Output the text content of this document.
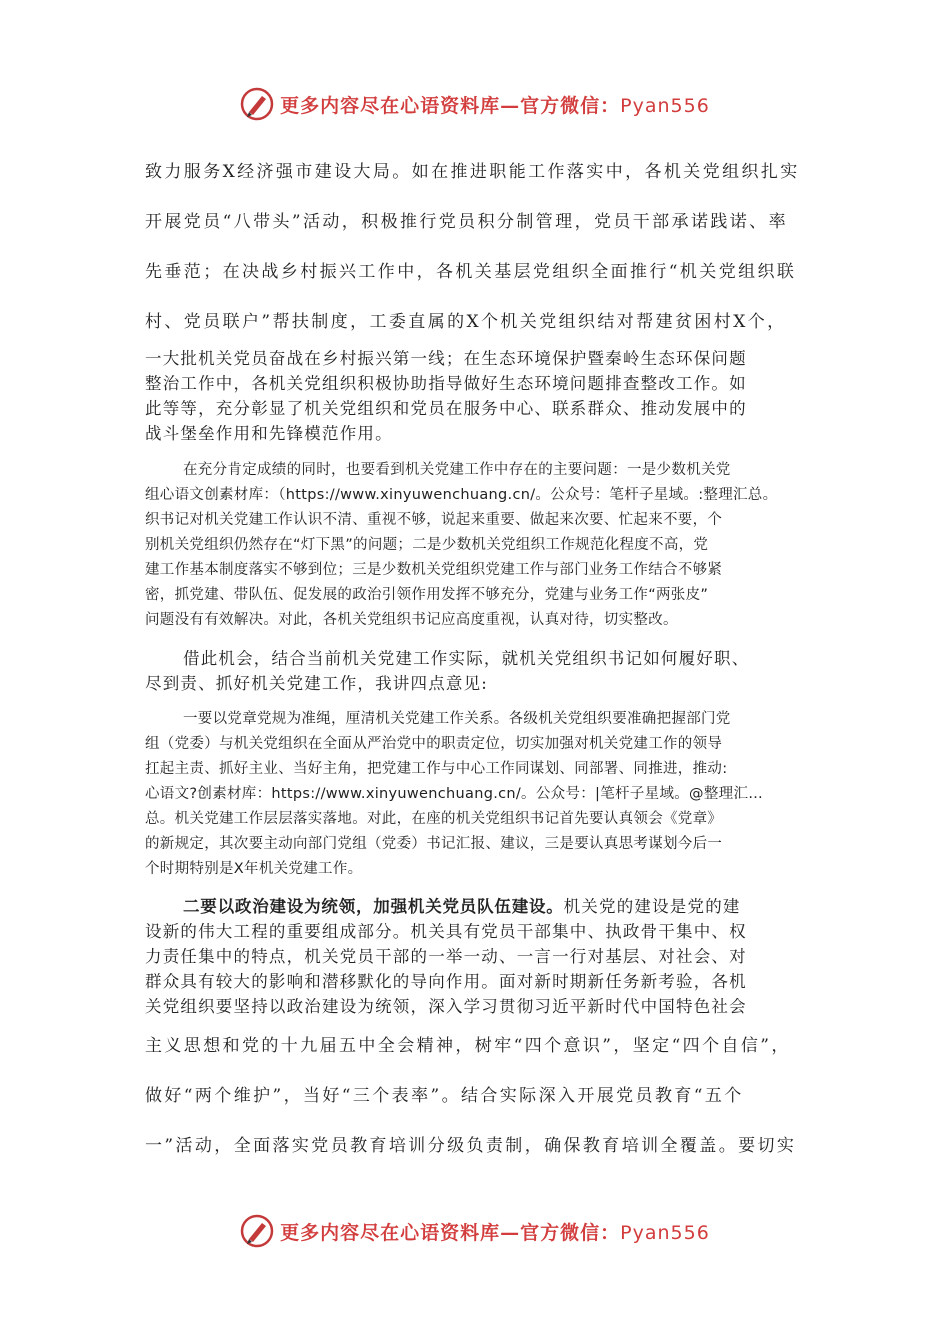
更多内容尽在心语资料库—官方微信：Pyan556
致力服务X经济强市建设大局。如在推进职能工作落实中，各机关党组织扎实
开展党员“八带头”活动，积极推行党员积分制管理，党员干部承诺践诺、率
先垂范；在决战乡村振兴工作中，各机关基层党组织全面推行“机关党组织联
村、党员联户”帮扶制度，工委直属的X个机关党组织结对帮建贫困村X个，
一大批机关党员奋战在乡村振兴第一线；在生态环境保护暨秦岭生态环保问题
整治工作中，各机关党组织积极协助指导做好生态环境问题排查整改工作。如
此等等，充分彰显了机关党组织和党员在服务中心、联系群众、推动发展中的
战斗堡垒作用和先锋模范作用。
在充分肯定成绩的同时，也要看到机关党建工作中存在的主要问题：一是少数机关党
组心语文创素材库：（https://www.xinyuwenchuang.cn/。公众号：笔杆子星域。:整理汇总。
织书记对机关党建工作认识不清、重视不够，说起来重要、做起来次要、忙起来不要，个
别机关党组织仍然存在“灯下黑”的问题；二是少数机关党组织工作规范化程度不高，党
建工作基本制度落实不够到位；三是少数机关党组织党建工作与部门业务工作结合不够紧
密，抓党建、带队伍、促发展的政治引领作用发挥不够充分，党建与业务工作“两张皮”
问题没有有效解决。对此，各机关党组织书记应高度重视，认真对待，切实整改。
借此机会，结合当前机关党建工作实际，就机关党组织书记如何履好职、
尽到责、抓好机关党建工作，我讲四点意见:
一要以党章党规为准绳，厘清机关党建工作关系。各级机关党组织要准确把握部门党
组（党委）与机关党组织在全面从严治党中的职责定位，切实加强对机关党建工作的领导
扛起主责、抓好主业、当好主角，把党建工作与中心工作同谋划、同部署、同推进，推动:
心语文?创素材库：https://www.xinyuwenchuang.cn/。公众号：|笔杆子星域。@整理汇…
总。机关党建工作层层落实落地。对此，在座的机关党组织书记首先要认真领会《党章》
的新规定，其次要主动向部门党组（党委）书记汇报、建议，三是要认真思考谋划今后一
个时期特别是X年机关党建工作。
二要以政治建设为统领，加强机关党员队伍建设。机关党的建设是党的建
设新的伟大工程的重要组成部分。机关具有党员干部集中、执政骨干集中、权
力责任集中的特点，机关党员干部的一举一动、一言一行对基层、对社会、对
群众具有较大的影响和潜移默化的导向作用。面对新时期新任务新考验，各机
关党组织要坚持以政治建设为统领，深入学习贯彻习近平新时代中国特色社会
主义思想和党的十九届五中全会精神，树牢“四个意识”，坚定“四个自信”，
做好“两个维护”，当好“三个表率”。结合实际深入开展党员教育“五个
一”活动，全面落实党员教育培训分级负责制，确保教育培训全覆盖。要切实
更多内容尽在心语资料库—官方微信：Pyan556
